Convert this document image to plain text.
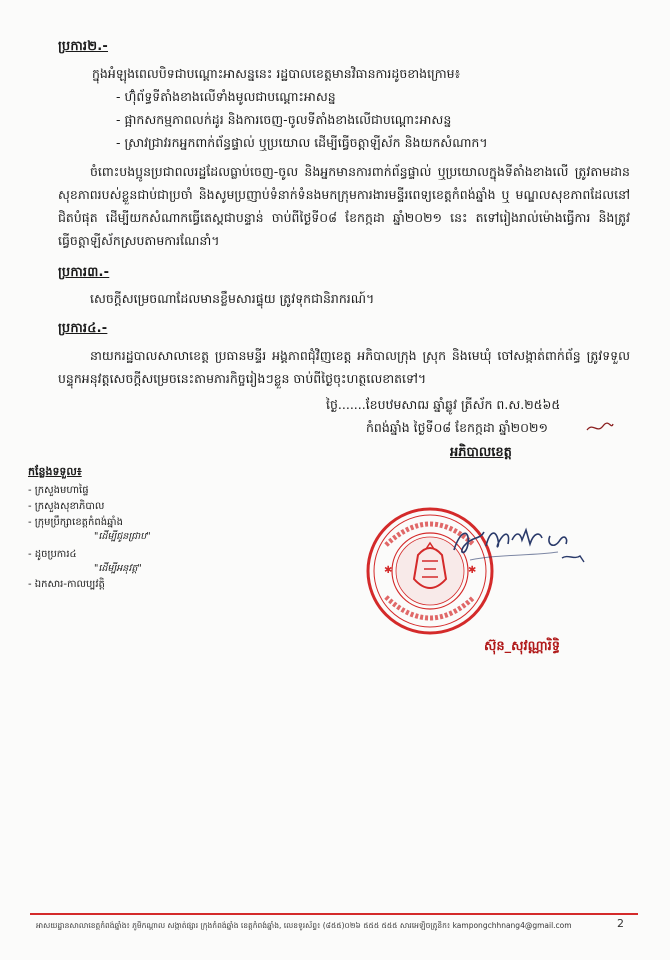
ប្រការ២.-
ក្នុងអំឡុងពេលបិទជាបណ្ដោះអាសន្ននេះ រដ្ឋបាលខេត្តមានវិធានការដូចខាងក្រោម៖
- ហ៊ុំព័ទ្ធទីតាំងខាងលើទាំងមូលជាបណ្ដោះអាសន្ន
- ផ្អាកសកម្មភាពលក់ដូរ និងការចេញ-ចូលទីតាំងខាងលើជាបណ្ដោះអាសន្ន
- ស្រាវជ្រាវរកអ្នកពាក់ព័ន្ធផ្ទាល់ ឬប្រយោល ដើម្បីធ្វើចត្តាឡីស័ក និងយកសំណាក។

ចំពោះបងប្អូនប្រជាពលរដ្ឋដែលធ្លាប់ចេញ-ចូល និងអ្នកមានការពាក់ព័ន្ធផ្ទាល់ ឬប្រយោលក្នុងទីតាំងខាងលើ ត្រូវតាមដានសុខភាពរបស់ខ្លួនជាប់ជាប្រចាំ និងសូមប្រញាប់ទំនាក់ទំនងមកក្រុមការងារមន្ទីរពេទ្យខេត្តកំពង់ឆ្នាំង ឬ មណ្ឌលសុខភាពដែលនៅជិតបំផុត ដើម្បីយកសំណាកធ្វើតេស្តជាបន្ទាន់ ចាប់ពីថ្ងៃទី០៨ ខែកក្កដា ឆ្នាំ២០២១ នេះ តទៅរៀងរាល់ម៉ោងធ្វើការ និងត្រូវធ្វើចត្តាឡីស័កស្របតាមការណែនាំ។

ប្រការ៣.-

សេចក្ដីសម្រេចណាដែលមានខ្លឹមសារផ្ទុយ ត្រូវទុកជានិរាករណ៍។

ប្រការ៤.-

នាយករដ្ឋបាលសាលាខេត្ត ប្រធានមន្ទីរ អង្គភាពជុំវិញខេត្ត អភិបាលក្រុង ស្រុក និងមេឃុំ ចៅសង្កាត់ពាក់ព័ន្ធ ត្រូវទទួលបន្ទុកអនុវត្តសេចក្ដីសម្រេចនេះតាមភារកិច្ចរៀងៗខ្លួន ចាប់ពីថ្ងៃចុះហត្ថលេខាតទៅ។

ថ្ងៃ.......ខែបឋមសាឍ ឆ្នាំឆ្លូវ ត្រីស័ក ព.ស.២៥៦៥
កំពង់ឆ្នាំង ថ្ងៃទី០៨ ខែកក្កដា ឆ្នាំ២០២១
អភិបាលខេត្ត
✱	✱
ស៊ុន_សុវណ្ណារិទ្ធិ
កន្លែងទទួល៖
- ក្រសួងមហាផ្ទៃ
- ក្រសួងសុខាភិបាល
- ក្រុមប្រឹក្សាខេត្តកំពង់ឆ្នាំង
"ដើម្បីជូនជ្រាប"
- ដូចប្រការ៤
"ដើម្បីអនុវត្ត"
- ឯកសារ-កាលប្បវត្តិ
អាសយដ្ឋានសាលាខេត្តកំពង់ឆ្នាំង៖ ភូមិកណ្ដាល សង្កាត់ផ្សារ ក្រុងកំពង់ឆ្នាំង ខេត្តកំពង់ឆ្នាំង, លេខទូរស័ព្ទ៖ (៨៥៥)០២៦ ៥៥៥ ៥៥៥ សារអេឡិចត្រូនិក៖ kampongchhnang4@gmail.com	2
